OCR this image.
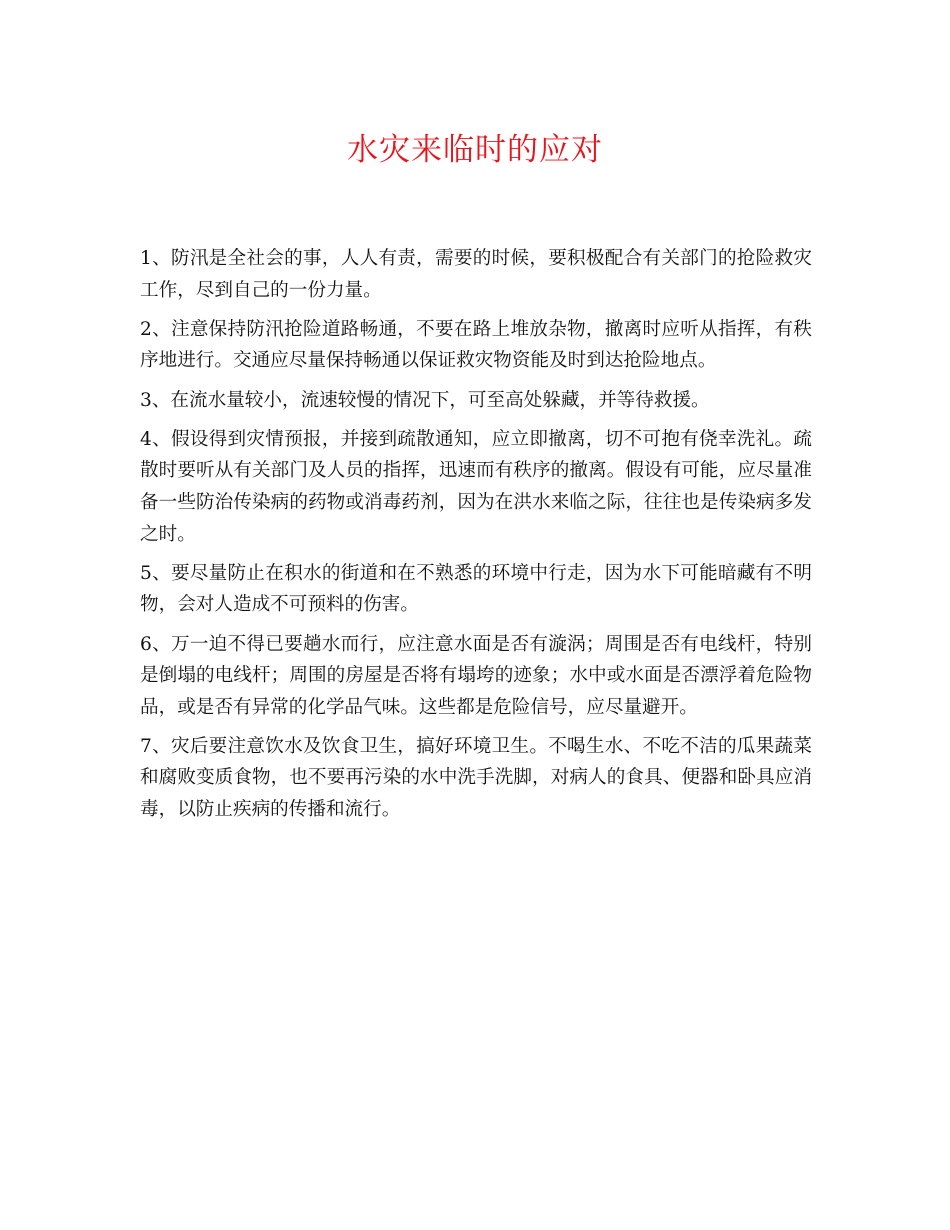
水灾来临时的应对

1、防汛是全社会的事，人人有责，需要的时候，要积极配合有关部门的抢险救灾工作，尽到自己的一份力量。

2、注意保持防汛抢险道路畅通，不要在路上堆放杂物，撤离时应听从指挥，有秩序地进行。交通应尽量保持畅通以保证救灾物资能及时到达抢险地点。

3、在流水量较小，流速较慢的情况下，可至高处躲藏，并等待救援。

4、假设得到灾情预报，并接到疏散通知，应立即撤离，切不可抱有侥幸洗礼。疏散时要听从有关部门及人员的指挥，迅速而有秩序的撤离。假设有可能，应尽量准备一些防治传染病的药物或消毒药剂，因为在洪水来临之际，往往也是传染病多发之时。

5、要尽量防止在积水的街道和在不熟悉的环境中行走，因为水下可能暗藏有不明物，会对人造成不可预料的伤害。

6、万一迫不得已要趟水而行，应注意水面是否有漩涡；周围是否有电线杆，特别是倒塌的电线杆；周围的房屋是否将有塌垮的迹象；水中或水面是否漂浮着危险物品，或是否有异常的化学品气味。这些都是危险信号，应尽量避开。

7、灾后要注意饮水及饮食卫生，搞好环境卫生。不喝生水、不吃不洁的瓜果蔬菜和腐败变质食物，也不要再污染的水中洗手洗脚，对病人的食具、便器和卧具应消毒，以防止疾病的传播和流行。
